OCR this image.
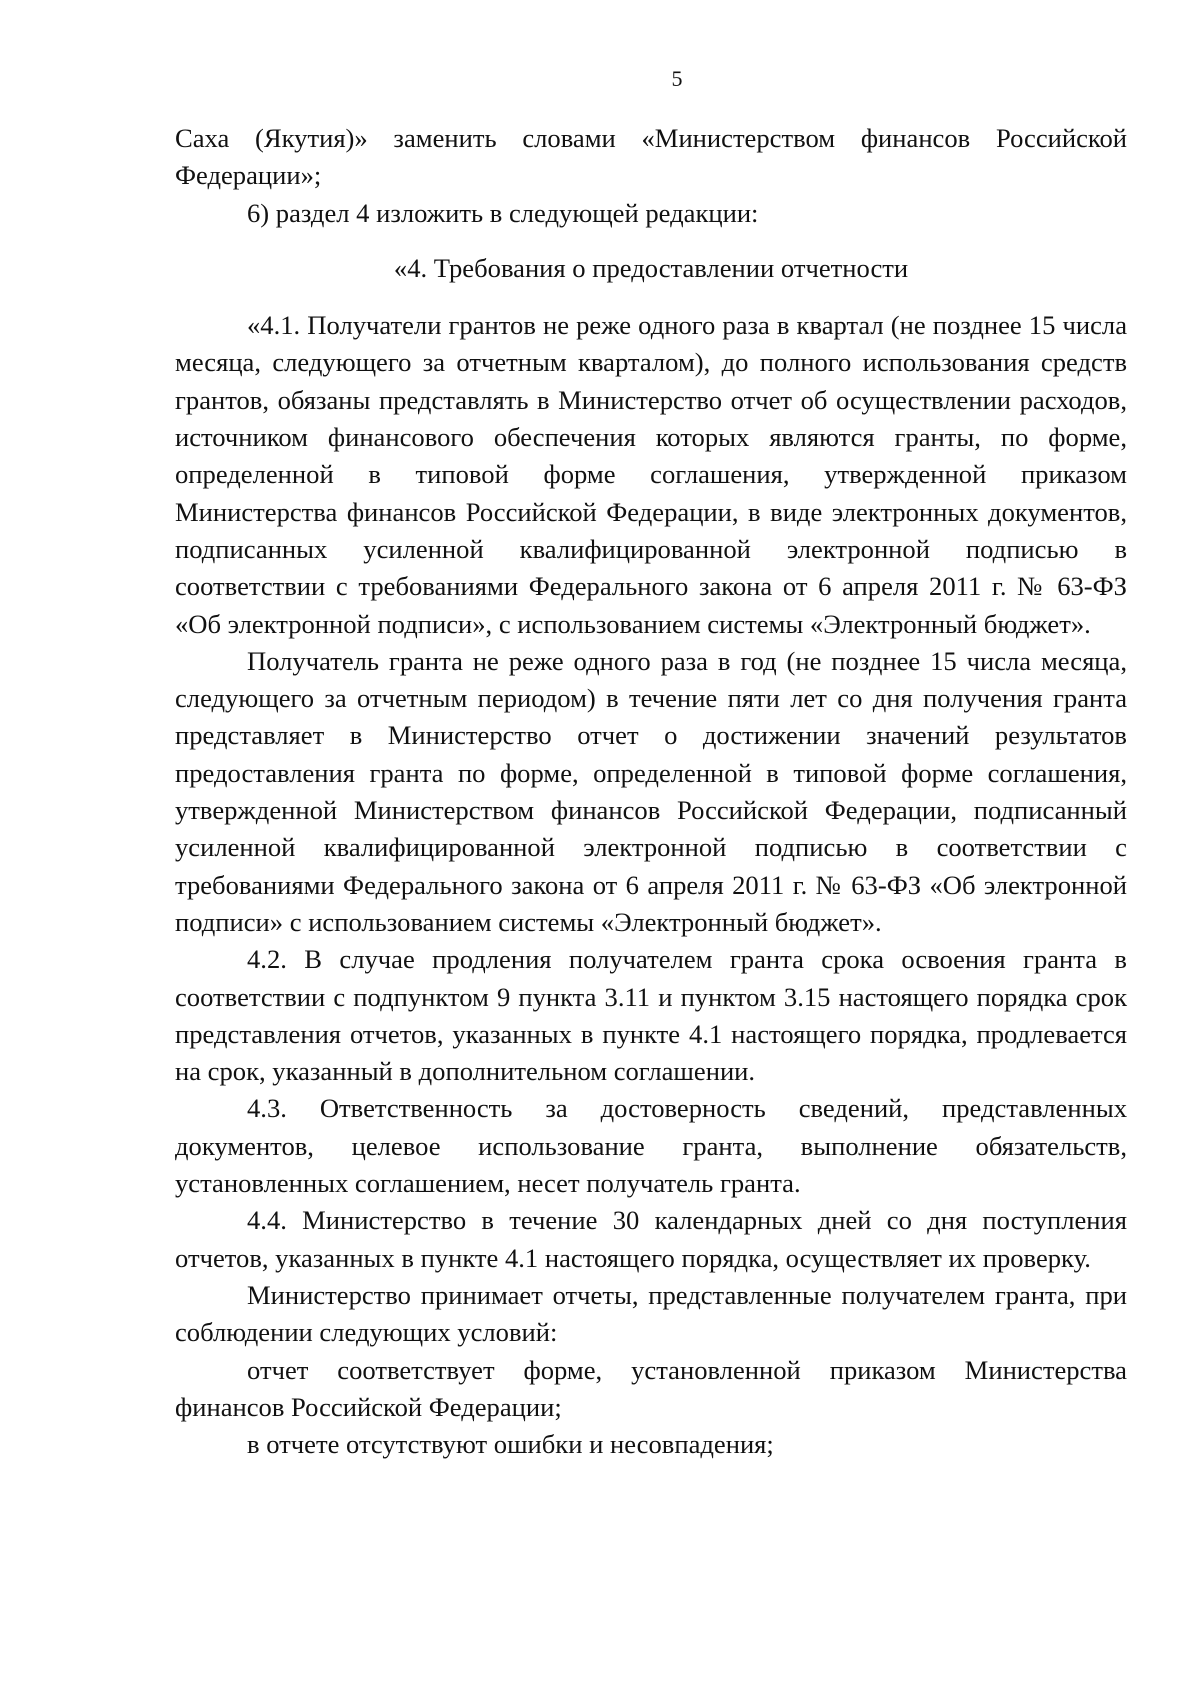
5

Саха (Якутия)» заменить словами «Министерством финансов Российской Федерации»;

6) раздел 4 изложить в следующей редакции:

«4. Требования о предоставлении отчетности

«4.1. Получатели грантов не реже одного раза в квартал (не позднее 15 числа месяца, следующего за отчетным кварталом), до полного использования средств грантов, обязаны представлять в Министерство отчет об осуществлении расходов, источником финансового обеспечения которых являются гранты, по форме, определенной в типовой форме соглашения, утвержденной приказом Министерства финансов Российской Федерации, в виде электронных документов, подписанных усиленной квалифицированной электронной подписью в соответствии с требованиями Федерального закона от 6 апреля 2011 г. № 63-ФЗ «Об электронной подписи», с использованием системы «Электронный бюджет».

Получатель гранта не реже одного раза в год (не позднее 15 числа месяца, следующего за отчетным периодом) в течение пяти лет со дня получения гранта представляет в Министерство отчет о достижении значений результатов предоставления гранта по форме, определенной в типовой форме соглашения, утвержденной Министерством финансов Российской Федерации, подписанный усиленной квалифицированной электронной подписью в соответствии с требованиями Федерального закона от 6 апреля 2011 г. № 63-ФЗ «Об электронной подписи» с использованием системы «Электронный бюджет».

4.2. В случае продления получателем гранта срока освоения гранта в соответствии с подпунктом 9 пункта 3.11 и пунктом 3.15 настоящего порядка срок представления отчетов, указанных в пункте 4.1 настоящего порядка, продлевается на срок, указанный в дополнительном соглашении.

4.3. Ответственность за достоверность сведений, представленных документов, целевое использование гранта, выполнение обязательств, установленных соглашением, несет получатель гранта.

4.4. Министерство в течение 30 календарных дней со дня поступления отчетов, указанных в пункте 4.1 настоящего порядка, осуществляет их проверку.

Министерство принимает отчеты, представленные получателем гранта, при соблюдении следующих условий:

отчет соответствует форме, установленной приказом Министерства финансов Российской Федерации;

в отчете отсутствуют ошибки и несовпадения;
